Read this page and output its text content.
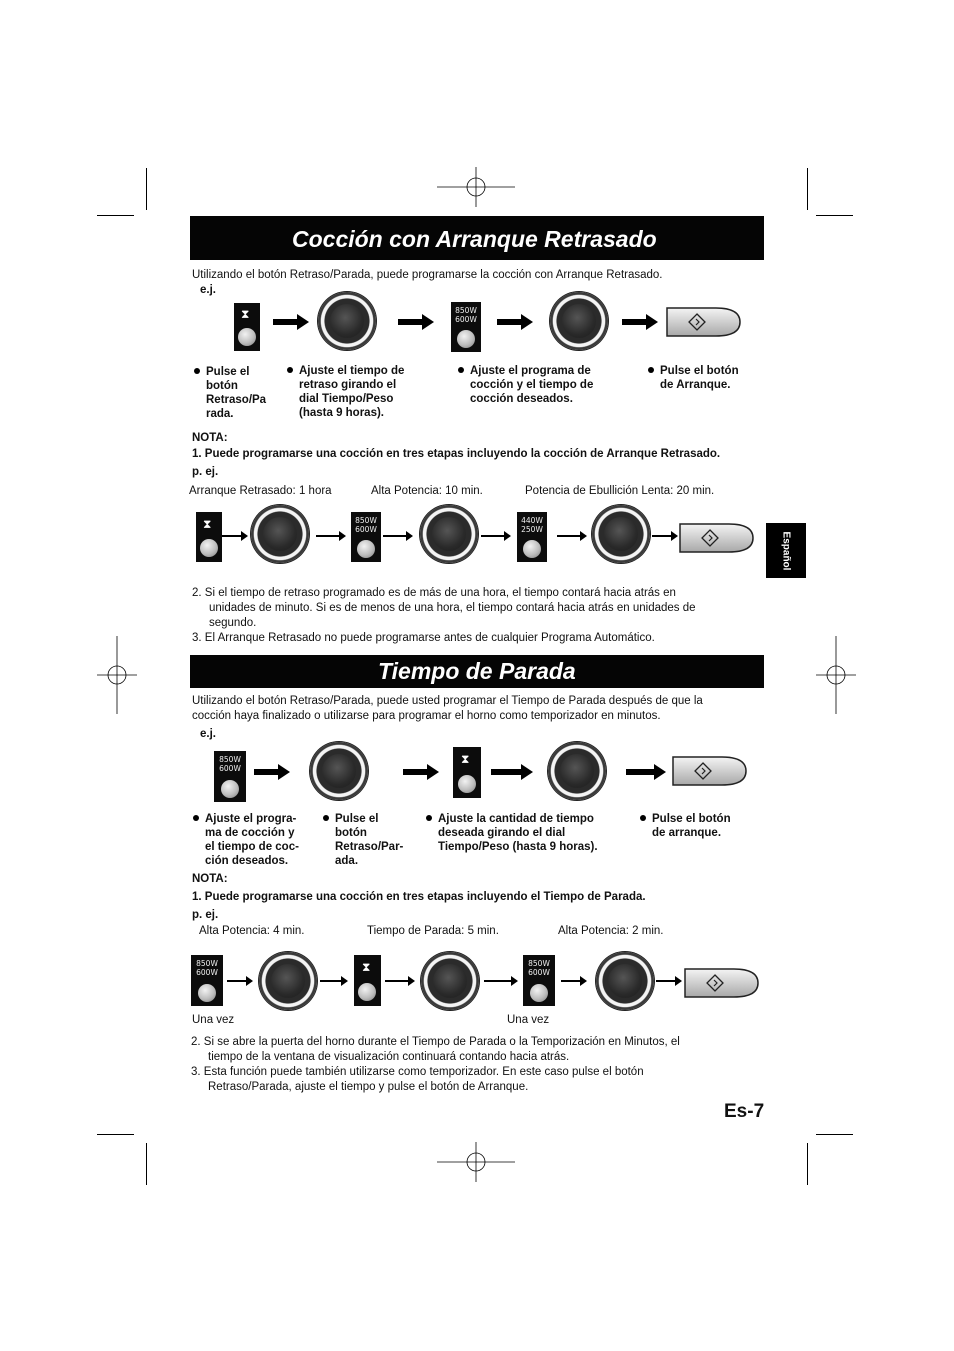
Cocción con Arranque Retrasado
Utilizando el botón Retraso/Parada, puede programarse la cocción con Arranque Retrasado.
e.j.
⧗	850W
600W
Pulse el
botón
Retraso/Pa
rada.
Ajuste el tiempo de
retraso girando el
dial Tiempo/Peso
(hasta 9 horas).
Ajuste el programa de
cocción y el tiempo de
cocción deseados.
Pulse el botón
de Arranque.
NOTA:
1. Puede programarse una cocción en tres etapas incluyendo la cocción de Arranque Retrasado.
p. ej.
Arranque Retrasado: 1 hora	Alta Potencia: 10 min.	Potencia de Ebullición Lenta: 20 min.
⧗	850W
600W
440W
250W
2. Si el tiempo de retraso programado es de más de una hora, el tiempo contará hacia atrás en
unidades de minuto. Si es de menos de una hora, el tiempo contará hacia atrás en unidades de
segundo.
3. El Arranque Retrasado no puede programarse antes de cualquier Programa Automático.
Español
Tiempo de Parada
Utilizando el botón Retraso/Parada, puede usted programar el Tiempo de Parada después de que la
cocción haya finalizado o utilizarse para programar el horno como temporizador en minutos.
e.j.
850W
600W
⧗
Ajuste el progra-
ma de cocción y
el tiempo de coc-
ción deseados.
Pulse el
botón
Retraso/Par-
ada.
Ajuste la cantidad de tiempo
deseada girando el dial
Tiempo/Peso (hasta 9 horas).
Pulse el botón
de arranque.
NOTA:
1. Puede programarse una cocción en tres etapas incluyendo el Tiempo de Parada.
p. ej.
Alta Potencia: 4 min.	Tiempo de Parada: 5 min.	Alta Potencia: 2 min.
850W
600W	⧗	850W
600W
Una vez	Una vez
2. Si se abre la puerta del horno durante el Tiempo de Parada o la Temporización en Minutos, el
tiempo de la ventana de visualización continuará contando hacia atrás.
3. Esta función puede también utilizarse como temporizador. En este caso pulse el botón
Retraso/Parada, ajuste el tiempo y pulse el botón de Arranque.
Es-7
